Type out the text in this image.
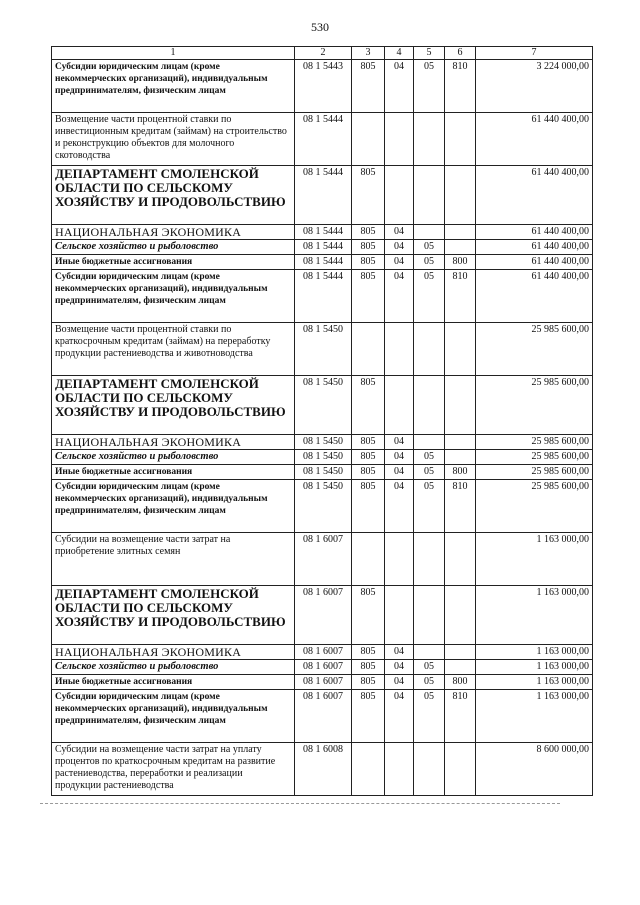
530
1	2	3	4	5	6	7
Субсидии юридическим лицам (кроме некоммерческих организаций), индивидуальным предпринимателям, физическим лицам	08 1 5443	805	04	05	810	3 224 000,00
Возмещение части процентной ставки по инвестиционным кредитам (займам) на строительство и реконструкцию объектов для молочного скотоводства	08 1 5444					61 440 400,00
ДЕПАРТАМЕНТ СМОЛЕНСКОЙ ОБЛАСТИ ПО СЕЛЬСКОМУ ХОЗЯЙСТВУ И ПРОДОВОЛЬСТВИЮ	08 1 5444	805				61 440 400,00
НАЦИОНАЛЬНАЯ ЭКОНОМИКА	08 1 5444	805	04			61 440 400,00
Сельское хозяйство и рыболовство	08 1 5444	805	04	05		61 440 400,00
Иные бюджетные ассигнования	08 1 5444	805	04	05	800	61 440 400,00
Субсидии юридическим лицам (кроме некоммерческих организаций), индивидуальным предпринимателям, физическим лицам	08 1 5444	805	04	05	810	61 440 400,00
Возмещение части процентной ставки по краткосрочным кредитам (займам) на переработку продукции растениеводства и животноводства	08 1 5450					25 985 600,00
ДЕПАРТАМЕНТ СМОЛЕНСКОЙ ОБЛАСТИ ПО СЕЛЬСКОМУ ХОЗЯЙСТВУ И ПРОДОВОЛЬСТВИЮ	08 1 5450	805				25 985 600,00
НАЦИОНАЛЬНАЯ ЭКОНОМИКА	08 1 5450	805	04			25 985 600,00
Сельское хозяйство и рыболовство	08 1 5450	805	04	05		25 985 600,00
Иные бюджетные ассигнования	08 1 5450	805	04	05	800	25 985 600,00
Субсидии юридическим лицам (кроме некоммерческих организаций), индивидуальным предпринимателям, физическим лицам	08 1 5450	805	04	05	810	25 985 600,00
Субсидии на возмещение части затрат на приобретение элитных семян	08 1 6007					1 163 000,00
ДЕПАРТАМЕНТ СМОЛЕНСКОЙ ОБЛАСТИ ПО СЕЛЬСКОМУ ХОЗЯЙСТВУ И ПРОДОВОЛЬСТВИЮ	08 1 6007	805				1 163 000,00
НАЦИОНАЛЬНАЯ ЭКОНОМИКА	08 1 6007	805	04			1 163 000,00
Сельское хозяйство и рыболовство	08 1 6007	805	04	05		1 163 000,00
Иные бюджетные ассигнования	08 1 6007	805	04	05	800	1 163 000,00
Субсидии юридическим лицам (кроме некоммерческих организаций), индивидуальным предпринимателям, физическим лицам	08 1 6007	805	04	05	810	1 163 000,00
Субсидии на возмещение части затрат на уплату процентов по краткосрочным кредитам на развитие растениеводства, переработки и реализации продукции растениеводства	08 1 6008					8 600 000,00
